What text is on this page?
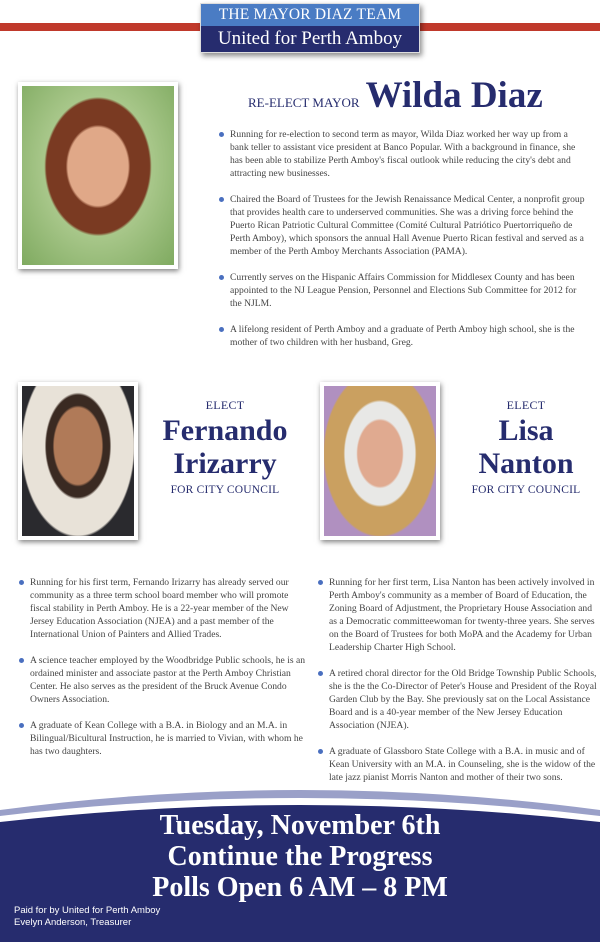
THE MAYOR DIAZ TEAM
United for Perth Amboy
RE-ELECT MAYOR Wilda Diaz
Running for re-election to second term as mayor, Wilda Diaz worked her way up from a bank teller to assistant vice president at Banco Popular. With a background in finance, she has been able to stabilize Perth Amboy's fiscal outlook while reducing the city's debt and attracting new businesses.
Chaired the Board of Trustees for the Jewish Renaissance Medical Center, a nonprofit group that provides health care to underserved communities. She was a driving force behind the Puerto Rican Patriotic Cultural Committee (Comité Cultural Patriótico Puertorriqueño de Perth Amboy), which sponsors the annual Hall Avenue Puerto Rican festival and served as a member of the Perth Amboy Merchants Association (PAMA).
Currently serves on the Hispanic Affairs Commission for Middlesex County and has been appointed to the NJ League Pension, Personnel and Elections Sub Committee for 2012 for the NJLM.
A lifelong resident of Perth Amboy and a graduate of Perth Amboy high school, she is the mother of two children with her husband, Greg.
ELECT
Fernando
Irizarry
FOR CITY COUNCIL
ELECT
Lisa
Nanton
FOR CITY COUNCIL
Running for his first term, Fernando Irizarry has already served our community as a three term school board member who will promote fiscal stability in Perth Amboy. He is a 22-year member of the New Jersey Education Association (NJEA) and a past member of the International Union of Painters and Allied Trades.
A science teacher employed by the Woodbridge Public schools, he is an ordained minister and associate pastor at the Perth Amboy Christian Center. He also serves as the president of the Bruck Avenue Condo Owners Association.
A graduate of Kean College with a B.A. in Biology and an M.A. in Bilingual/Bicultural Instruction, he is married to Vivian, with whom he has two daughters.
Running for her first term, Lisa Nanton has been actively involved in Perth Amboy's community as a member of Board of Education, the Zoning Board of Adjustment, the Proprietary House Association and as a Democratic committeewoman for twenty-three years. She serves on the Board of Trustees for both MoPA and the Academy for Urban Leadership Charter High School.
A retired choral director for the Old Bridge Township Public Schools, she is the the Co-Director of Peter's House and President of the Royal Garden Club by the Bay. She previously sat on the Local Assistance Board and is a 40-year member of the New Jersey Education Association (NJEA).
A graduate of Glassboro State College with a B.A. in music and of Kean University with an M.A. in Counseling, she is the widow of the late jazz pianist Morris Nanton and mother of their two sons.
Tuesday, November 6th
Continue the Progress
Polls Open 6 AM – 8 PM
Paid for by United for Perth Amboy
Evelyn Anderson, Treasurer
